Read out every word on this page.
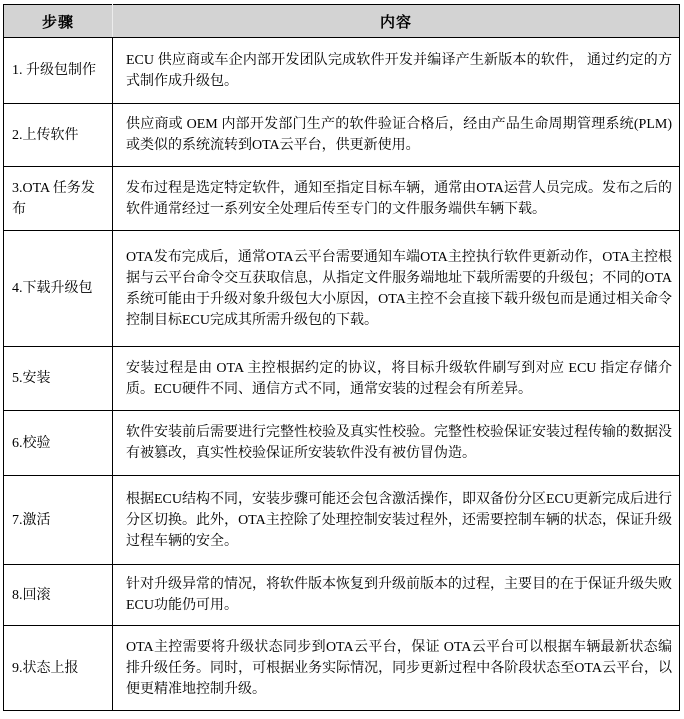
步骤	内容
1. 升级包制作	ECU 供应商或车企内部开发团队完成软件开发并编译产生新版本的软件， 通过约定的方式制作成升级包。
2.上传软件	供应商或 OEM 内部开发部门生产的软件验证合格后，经由产品生命周期管理系统(PLM)或类似的系统流转到OTA云平台，供更新使用。
3.OTA 任务发 布	发布过程是选定特定软件，通知至指定目标车辆，通常由OTA运营人员完成。发布之后的软件通常经过一系列安全处理后传至专门的文件服务端供车辆下载。
4.下载升级包	OTA发布完成后，通常OTA云平台需要通知车端OTA主控执行软件更新动作，OTA主控根据与云平台命令交互获取信息，从指定文件服务端地址下载所需要的升级包；不同的OTA系统可能由于升级对象升级包大小原因，OTA主控不会直接下载升级包而是通过相关命令控制目标ECU完成其所需升级包的下载。
5.安装	安装过程是由 OTA 主控根据约定的协议，将目标升级软件刷写到对应 ECU 指定存储介质。ECU硬件不同、通信方式不同，通常安装的过程会有所差异。
6.校验	软件安装前后需要进行完整性校验及真实性校验。完整性校验保证安装过程传输的数据没有被篡改，真实性校验保证所安装软件没有被仿冒伪造。
7.激活	根据ECU结构不同，安装步骤可能还会包含激活操作，即双备份分区ECU更新完成后进行分区切换。此外，OTA主控除了处理控制安装过程外，还需要控制车辆的状态，保证升级过程车辆的安全。
8.回滚	针对升级异常的情况，将软件版本恢复到升级前版本的过程，主要目的在于保证升级失败ECU功能仍可用。
9.状态上报	OTA主控需要将升级状态同步到OTA云平台，保证 OTA云平台可以根据车辆最新状态编排升级任务。同时，可根据业务实际情况，同步更新过程中各阶段状态至OTA云平台，以便更精准地控制升级。
